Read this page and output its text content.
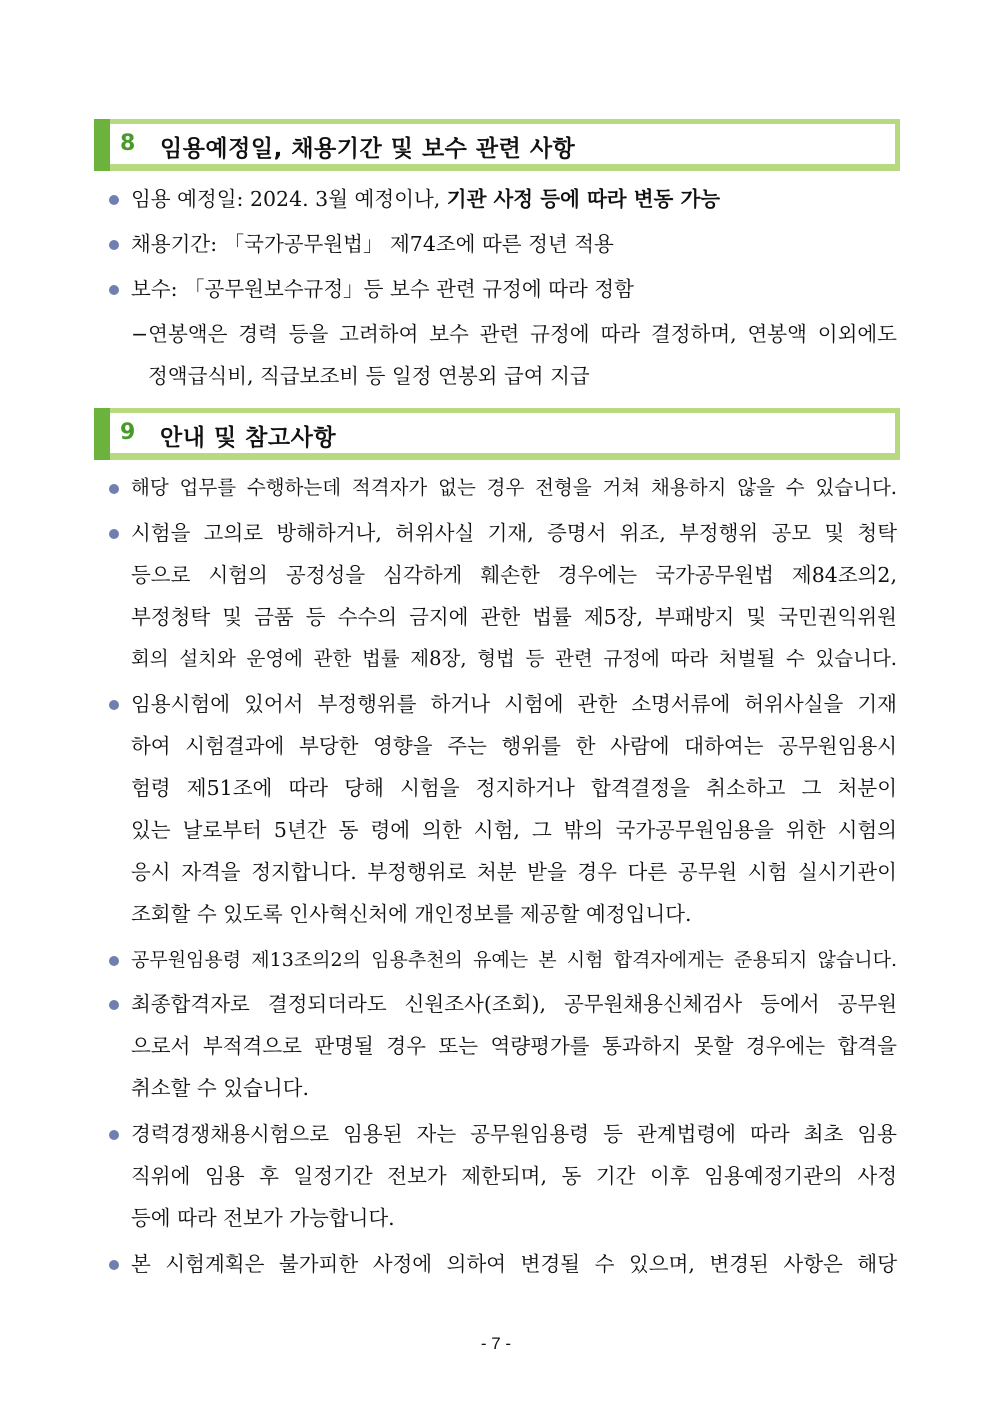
8 임용예정일, 채용기간 및 보수 관련 사항
임용 예정일: 2024. 3월 예정이나, 기관 사정 등에 따라 변동 가능
채용기간: 「국가공무원법」 제74조에 따른 정년 적용
보수: 「공무원보수규정」등 보수 관련 규정에 따라 정함
−연봉액은 경력 등을 고려하여 보수 관련 규정에 따라 결정하며, 연봉액 이외에도
정액급식비, 직급보조비 등 일정 연봉외 급여 지급
9 안내 및 참고사항
해당 업무를 수행하는데 적격자가 없는 경우 전형을 거쳐 채용하지 않을 수 있습니다.
시험을 고의로 방해하거나, 허위사실 기재, 증명서 위조, 부정행위 공모 및 청탁
등으로 시험의 공정성을 심각하게 훼손한 경우에는 국가공무원법 제84조의2,
부정청탁 및 금품 등 수수의 금지에 관한 법률 제5장, 부패방지 및 국민권익위원
회의 설치와 운영에 관한 법률 제8장, 형법 등 관련 규정에 따라 처벌될 수 있습니다.
임용시험에 있어서 부정행위를 하거나 시험에 관한 소명서류에 허위사실을 기재
하여 시험결과에 부당한 영향을 주는 행위를 한 사람에 대하여는 공무원임용시
험령 제51조에 따라 당해 시험을 정지하거나 합격결정을 취소하고 그 처분이
있는 날로부터 5년간 동 령에 의한 시험, 그 밖의 국가공무원임용을 위한 시험의
응시 자격을 정지합니다. 부정행위로 처분 받을 경우 다른 공무원 시험 실시기관이
조회할 수 있도록 인사혁신처에 개인정보를 제공할 예정입니다.
공무원임용령 제13조의2의 임용추천의 유예는 본 시험 합격자에게는 준용되지 않습니다.
최종합격자로 결정되더라도 신원조사(조회), 공무원채용신체검사 등에서 공무원
으로서 부적격으로 판명될 경우 또는 역량평가를 통과하지 못할 경우에는 합격을
취소할 수 있습니다.
경력경쟁채용시험으로 임용된 자는 공무원임용령 등 관계법령에 따라 최초 임용
직위에 임용 후 일정기간 전보가 제한되며, 동 기간 이후 임용예정기관의 사정
등에 따라 전보가 가능합니다.
본 시험계획은 불가피한 사정에 의하여 변경될 수 있으며, 변경된 사항은 해당
- 7 -
